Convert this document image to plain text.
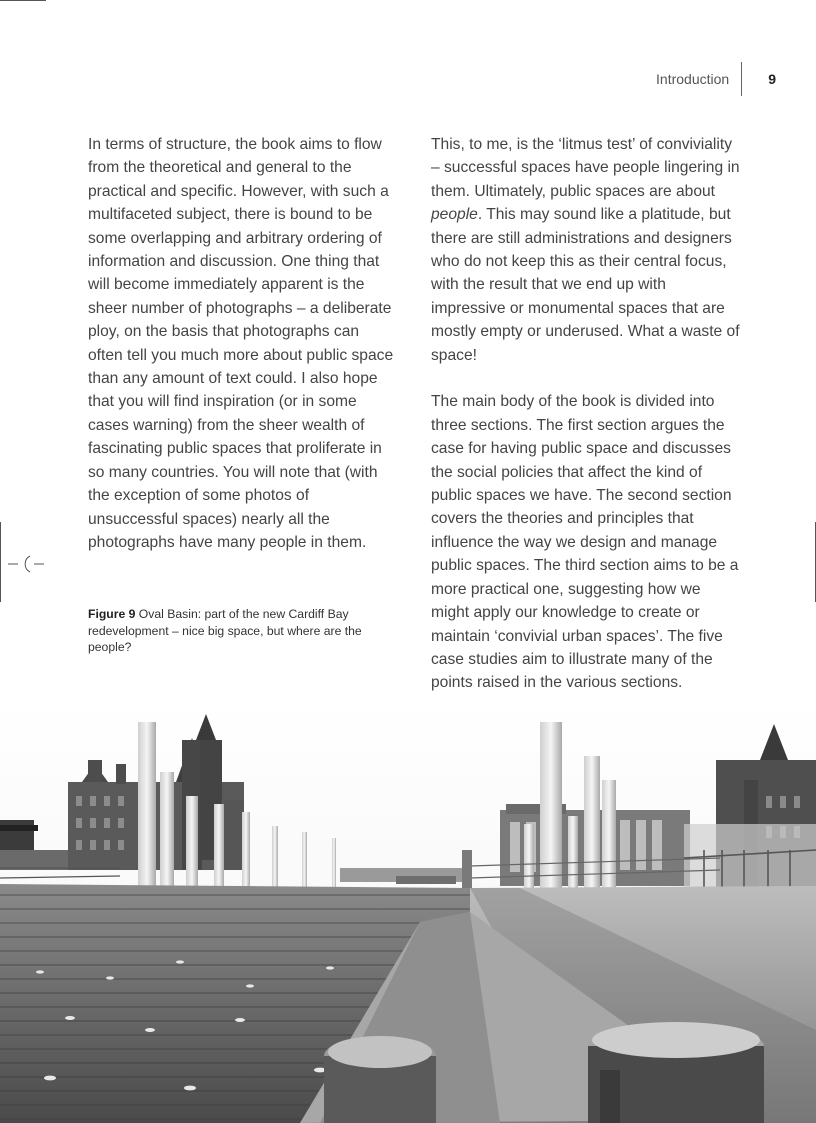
Introduction	9

In terms of structure, the book aims to flow from the theoretical and general to the practical and specific. However, with such a multifaceted subject, there is bound to be some overlapping and arbitrary ordering of information and discussion. One thing that will become immediately apparent is the sheer number of photographs – a deliberate ploy, on the basis that photographs can often tell you much more about public space than any amount of text could. I also hope that you will find inspiration (or in some cases warning) from the sheer wealth of fascinating public spaces that proliferate in so many countries. You will note that (with the exception of some photos of unsuccessful spaces) nearly all the photographs have many people in them.

This, to me, is the ‘litmus test’ of conviviality – successful spaces have people lingering in them. Ultimately, public spaces are about people. This may sound like a platitude, but there are still administrations and designers who do not keep this as their central focus, with the result that we end up with impressive or monumental spaces that are mostly empty or underused. What a waste of space!

The main body of the book is divided into three sections. The first section argues the case for having public space and discusses the social policies that affect the kind of public spaces we have. The second section covers the theories and principles that influence the way we design and manage public spaces. The third section aims to be a more practical one, suggesting how we might apply our knowledge to create or maintain ‘convivial urban spaces’. The five case studies aim to illustrate many of the points raised in the various sections.

Figure 9 Oval Basin: part of the new Cardiff Bay redevelopment – nice big space, but where are the people?
